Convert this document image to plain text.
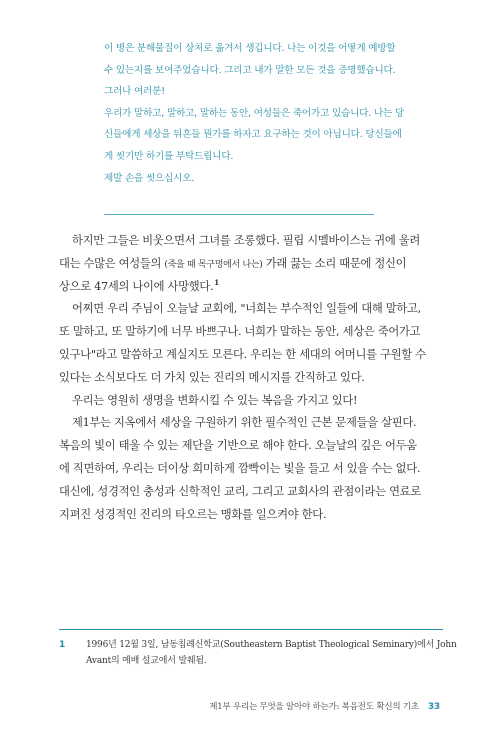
이 병은 분해물질이 상처로 옮겨서 생깁니다. 나는 이것을 어떻게 예방할
수 있는지를 보여주었습니다. 그리고 내가 말한 모든 것을 증명했습니다.
그러나 여러분!
우리가 말하고, 말하고, 말하는 동안, 여성들은 죽어가고 있습니다. 나는 당
신들에게 세상을 뒤흔들 뭔가를 하자고 요구하는 것이 아닙니다. 당신들에
게 씻기만 하기를 부탁드립니다.
제발 손을 씻으십시오.
하지만 그들은 비웃으면서 그녀를 조롱했다. 필립 시멜바이스는 귀에 울려
대는 수많은 여성들의 (죽을 때 목구멍에서 나는) 가래 끓는 소리 때문에 정신이
상으로 47세의 나이에 사망했다.$^1$
어찌면 우리 주님이 오늘날 교회에, "너희는 부수적인 일들에 대해 말하고,
또 말하고, 또 말하기에 너무 바쁘구나. 너희가 말하는 동안, 세상은 죽어가고
있구나"라고 말씀하고 계실지도 모른다. 우리는 한 세대의 어머니를 구원할 수
있다는 소식보다도 더 가치 있는 진리의 메시지를 간직하고 있다.
우리는 영원히 생명을 변화시킬 수 있는 복음을 가지고 있다!
제1부는 지옥에서 세상을 구원하기 위한 필수적인 근본 문제들을 살핀다.
복음의 빛이 태울 수 있는 제단을 기반으로 해야 한다. 오늘날의 깊은 어두움
에 직면하여, 우리는 더이상 희미하게 깜빡이는 빛을 들고 서 있을 수는 없다.
대신에, 성경적인 충성과 신학적인 교리, 그리고 교회사의 관점이라는 연료로
지펴진 성경적인 진리의 타오르는 맹화를 일으켜야 한다.
1 1996년 12월 3일, 남동침례신학교(Southeastern Baptist Theological Seminary)에서 John
Avant의 예배 설교에서 발췌됨.
제1부 우리는 무엇을 알아야 하는가: 복음전도 확신의 기초 33
